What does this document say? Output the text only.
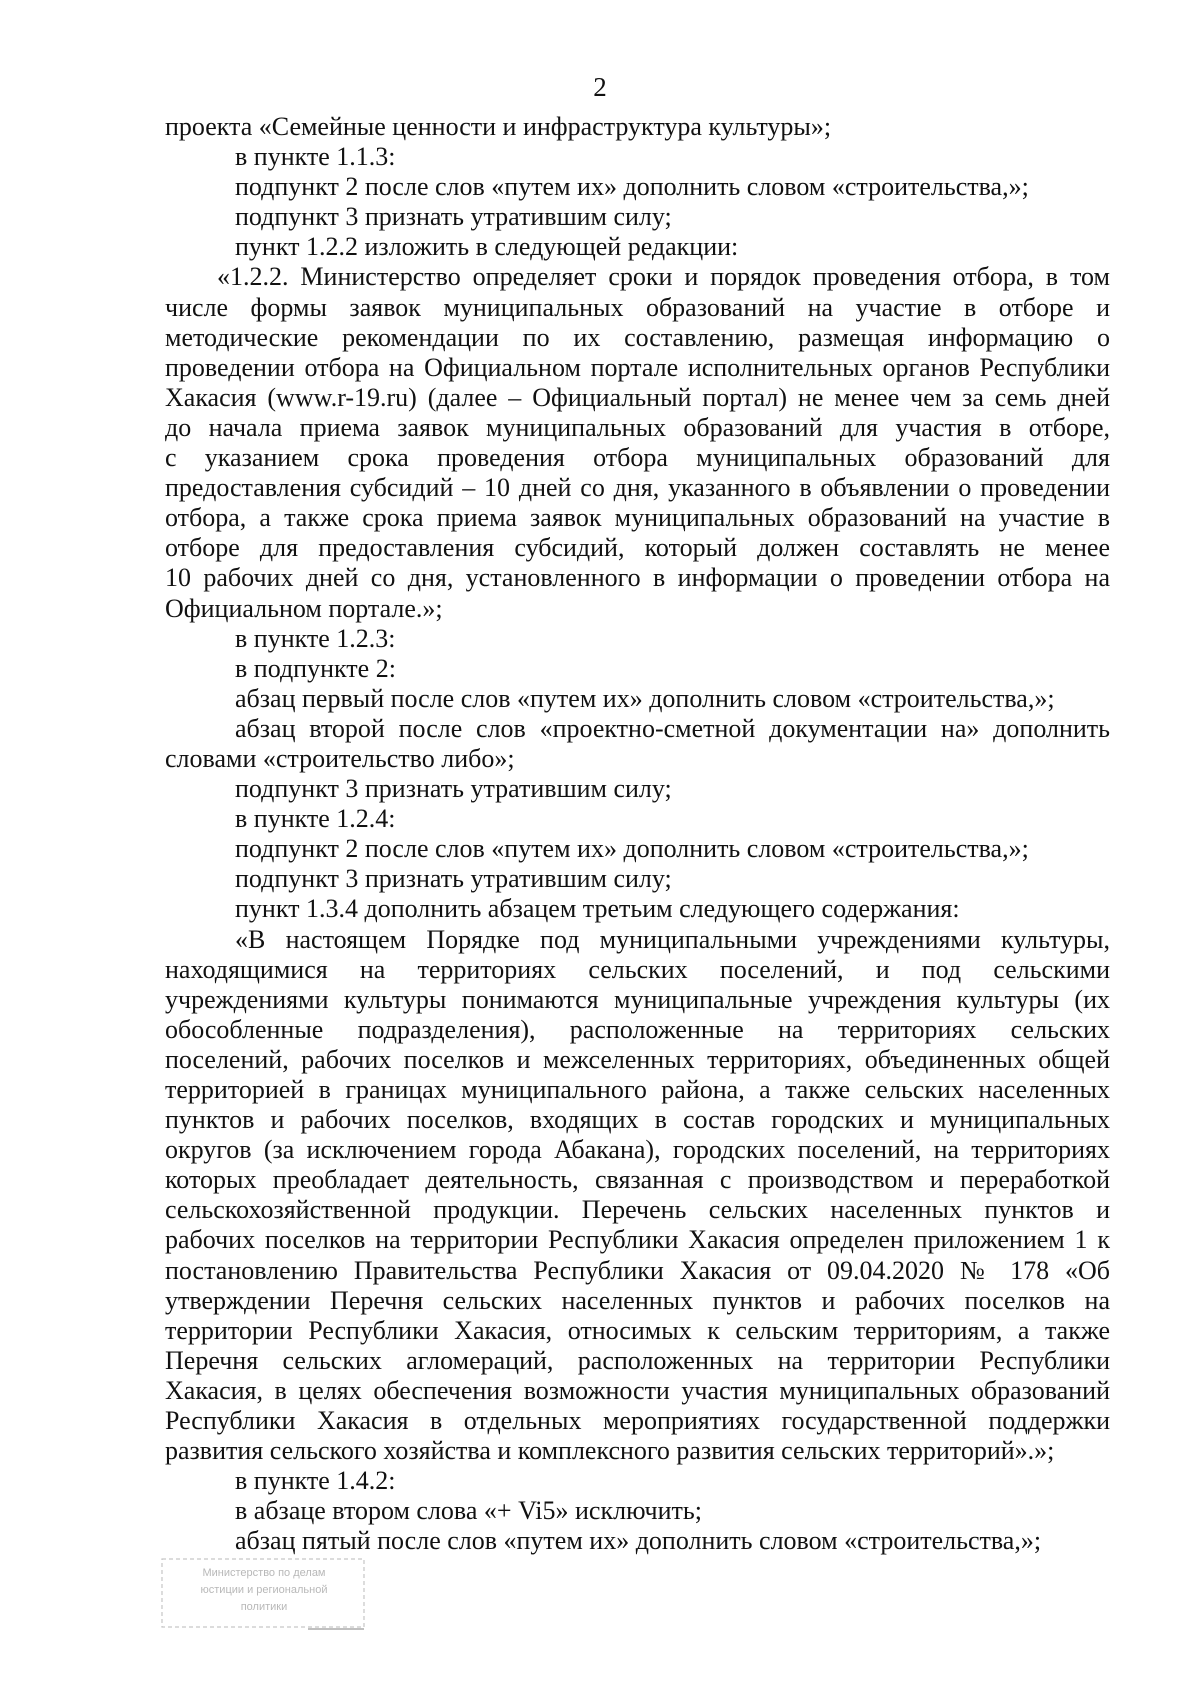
2

проекта «Семейные ценности и инфраструктура культуры»;

в пункте 1.1.3:

подпункт 2 после слов «путем их» дополнить словом «строительства,»;

подпункт 3 признать утратившим силу;

пункт 1.2.2 изложить в следующей редакции:

«1.2.2. Министерство определяет сроки и порядок проведения отбора, в том

числе формы заявок муниципальных образований на участие в отборе и

методические рекомендации по их составлению, размещая информацию о

проведении отбора на Официальном портале исполнительных органов Республики

Хакасия (www.r-19.ru) (далее – Официальный портал) не менее чем за семь дней

до начала приема заявок муниципальных образований для участия в отборе,

с указанием срока проведения отбора муниципальных образований для

предоставления субсидий – 10 дней со дня, указанного в объявлении о проведении

отбора, а также срока приема заявок муниципальных образований на участие в

отборе для предоставления субсидий, который должен составлять не менее

10 рабочих дней со дня, установленного в информации о проведении отбора на

Официальном портале.»;

в пункте 1.2.3:

в подпункте 2:

абзац первый после слов «путем их» дополнить словом «строительства,»;

абзац второй после слов «проектно-сметной документации на» дополнить

словами «строительство либо»;

подпункт 3 признать утратившим силу;

в пункте 1.2.4:

подпункт 2 после слов «путем их» дополнить словом «строительства,»;

подпункт 3 признать утратившим силу;

пункт 1.3.4 дополнить абзацем третьим следующего содержания:

«В настоящем Порядке под муниципальными учреждениями культуры,

находящимися на территориях сельских поселений, и под сельскими

учреждениями культуры понимаются муниципальные учреждения культуры (их

обособленные подразделения), расположенные на территориях сельских

поселений, рабочих поселков и межселенных территориях, объединенных общей

территорией в границах муниципального района, а также сельских населенных

пунктов и рабочих поселков, входящих в состав городских и муниципальных

округов (за исключением города Абакана), городских поселений, на территориях

которых преобладает деятельность, связанная с производством и переработкой

сельскохозяйственной продукции. Перечень сельских населенных пунктов и

рабочих поселков на территории Республики Хакасия определен приложением 1 к

постановлению Правительства Республики Хакасия от 09.04.2020 № 178 «Об

утверждении Перечня сельских населенных пунктов и рабочих поселков на

территории Республики Хакасия, относимых к сельским территориям, а также

Перечня сельских агломераций, расположенных на территории Республики

Хакасия, в целях обеспечения возможности участия муниципальных образований

Республики Хакасия в отдельных мероприятиях государственной поддержки

развития сельского хозяйства и комплексного развития сельских территорий».»;

в пункте 1.4.2:

в абзаце втором слова «+ Vi5» исключить;

абзац пятый после слов «путем их» дополнить словом «строительства,»;

Министерство по делам
юстиции и региональной
политики
